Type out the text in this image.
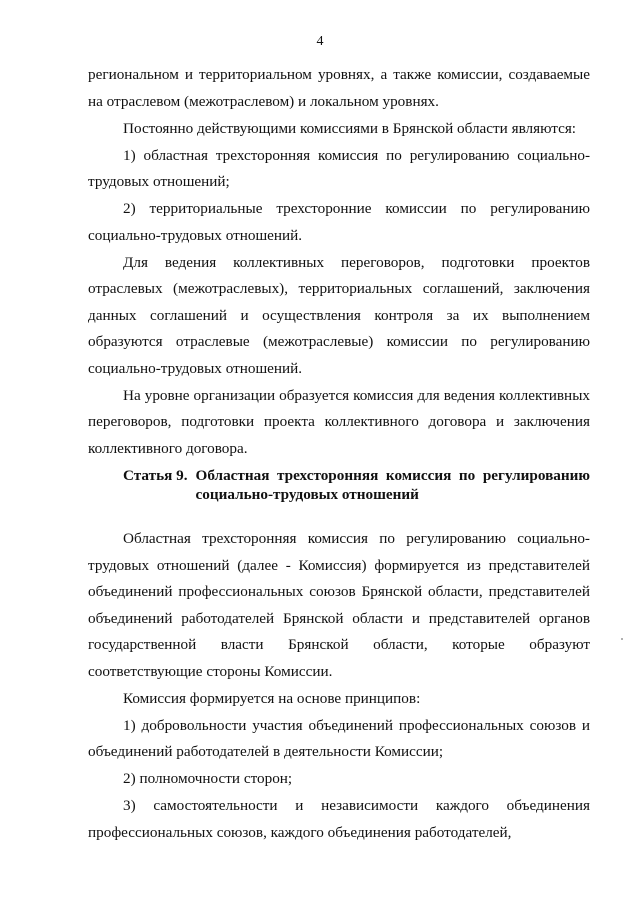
4

региональном и территориальном уровнях, а также комиссии, создаваемые на отраслевом (межотраслевом) и локальном уровнях.

Постоянно действующими комиссиями в Брянской области являются:

1) областная трехсторонняя комиссия по регулированию социально-трудовых отношений;

2) территориальные трехсторонние комиссии по регулированию социально-трудовых отношений.

Для ведения коллективных переговоров, подготовки проектов отраслевых (межотраслевых), территориальных соглашений, заключения данных соглашений и осуществления контроля за их выполнением образуются отраслевые (межотраслевые) комиссии по регулированию социально-трудовых отношений.

На уровне организации образуется комиссия для ведения коллективных переговоров, подготовки проекта коллективного договора и заключения коллективного договора.

Статья 9. Областная трехсторонняя комиссия по регулированию социально-трудовых отношений

Областная трехсторонняя комиссия по регулированию социально-трудовых отношений (далее - Комиссия) формируется из представителей объединений профессиональных союзов Брянской области, представителей объединений работодателей Брянской области и представителей органов государственной власти Брянской области, которые образуют соответствующие стороны Комиссии.

Комиссия формируется на основе принципов:

1) добровольности участия объединений профессиональных союзов и объединений работодателей в деятельности Комиссии;

2) полномочности сторон;

3) самостоятельности и независимости каждого объединения профессиональных союзов, каждого объединения работодателей,
